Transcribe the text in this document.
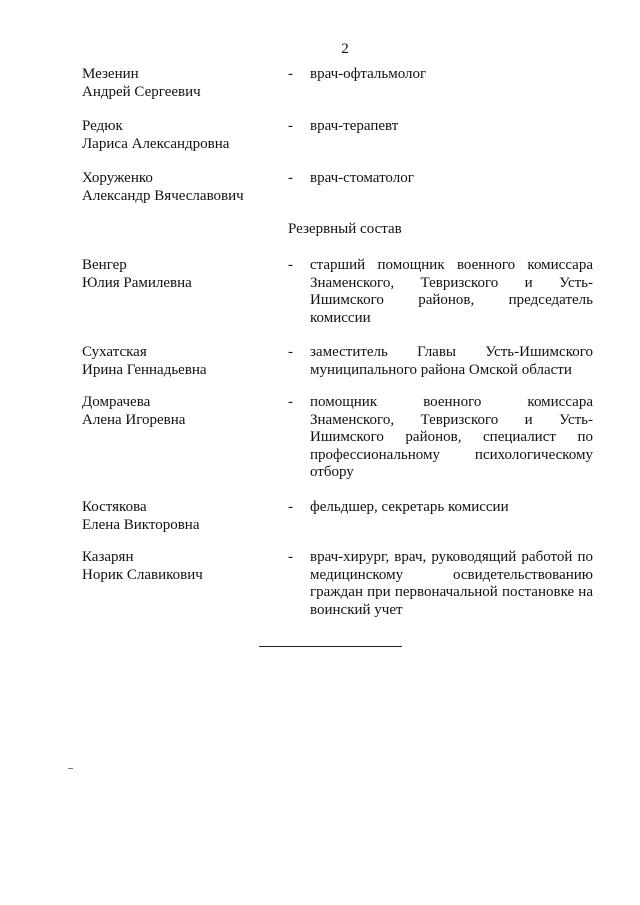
2
Мезенин
Андрей Сергеевич
- врач-офтальмолог
Редюк
Лариса Александровна
- врач-терапевт
Хоруженко
Александр Вячеславович
- врач-стоматолог
Резервный состав
Венгер
Юлия Рамилевна
- старший помощник военного комиссара Знаменского, Тевризского и Усть-Ишимского районов, председатель комиссии
Сухатская
Ирина Геннадьевна
- заместитель Главы Усть-Ишимского муниципального района Омской области
Домрачева
Алена Игоревна
- помощник военного комиссара Знаменского, Тевризского и Усть-Ишимского районов, специалист по профессиональному психологическому отбору
Костякова
Елена Викторовна
- фельдшер, секретарь комиссии
Казарян
Норик Славикович
- врач-хирург, врач, руководящий работой по медицинскому освидетельствованию граждан при первоначальной постановке на воинский учет
